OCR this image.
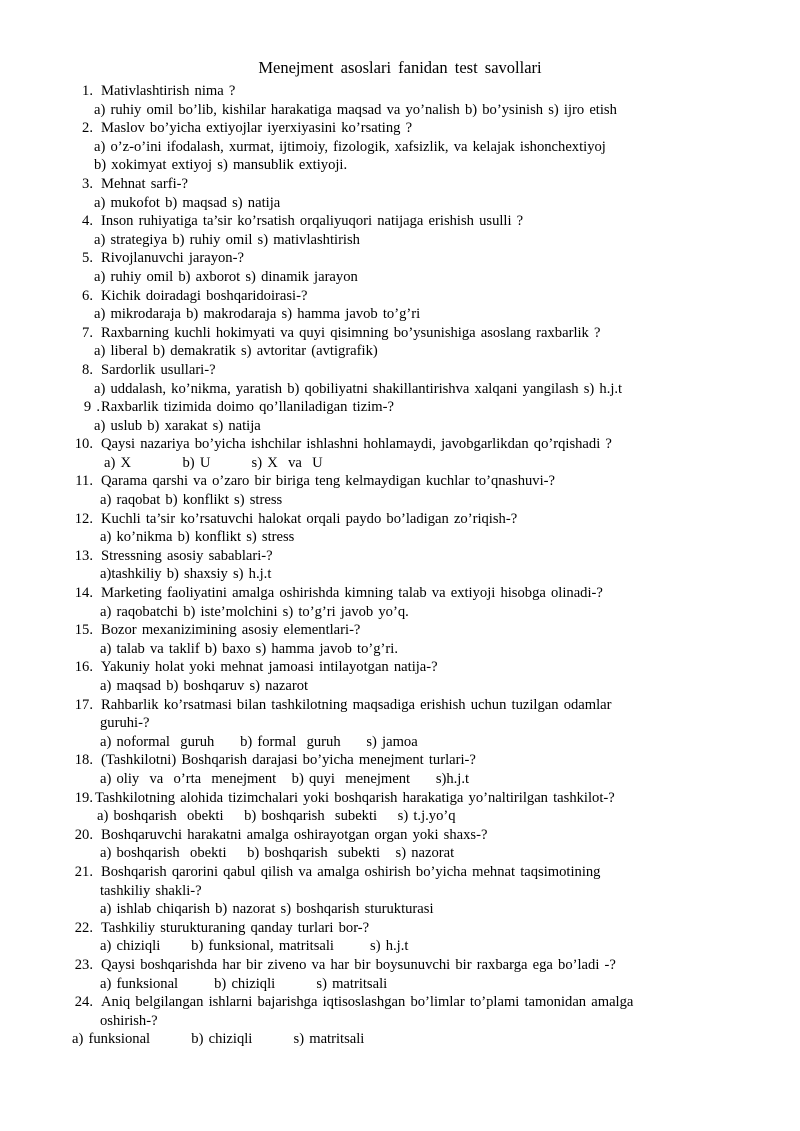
Menejment asoslari fanidan test savollari
1. Mativlashtirish nima ?
a) ruhiy omil bo’lib, kishilar harakatiga maqsad va yo’nalish b) bo’ysinish s) ijro etish
2. Maslov bo’yicha extiyojlar iyerxiyasini ko’rsating ?
a) o’z-o’ini ifodalash, xurmat, ijtimoiy, fizologik, xafsizlik, va kelajak ishonchextiyoj
b) xokimyat extiyoj s) mansublik extiyoji.
3. Mehnat sarfi-?
a) mukofot b) maqsad s) natija
4. Inson ruhiyatiga ta’sir ko’rsatish orqaliyuqori natijaga erishish usulli ?
a) strategiya b) ruhiy omil s) mativlashtirish
5. Rivojlanuvchi jarayon-?
a) ruhiy omil b) axborot s) dinamik jarayon
6. Kichik doiradagi boshqaridoirasi-?
a) mikrodaraja b) makrodaraja s) hamma javob to’g’ri
7. Raxbarning kuchli hokimyati va quyi qisimning bo’ysunishiga asoslang raxbarlik ?
a) liberal b) demakratik s) avtoritar (avtigrafik)
8. Sardorlik usullari-?
a) uddalash, ko’nikma, yaratish b) qobiliyatni shakillantirishva xalqani yangilash s) h.j.t
9 .Raxbarlik tizimida doimo qo’llaniladigan tizim-?
a) uslub b) xarakat s) natija
10. Qaysi nazariya bo’yicha ishchilar ishlashni hohlamaydi, javobgarlikdan qo’rqishadi ?
a) X          b) U        s) X  va  U
11. Qarama qarshi va o’zaro bir biriga teng kelmaydigan kuchlar to’qnashuvi-?
a) raqobat b) konflikt s) stress
12. Kuchli ta’sir ko’rsatuvchi halokat orqali paydo bo’ladigan zo’riqish-?
a) ko’nikma b) konflikt s) stress
13. Stressning asosiy sabablari-?
a)tashkiliy b) shaxsiy s) h.j.t
14. Marketing faoliyatini amalga oshirishda kimning talab va extiyoji hisobga olinadi-?
a) raqobatchi b) iste’molchini s) to’g’ri javob yo’q.
15. Bozor mexanizimining asosiy elementlari-?
a) talab va taklif b) baxo s) hamma javob to’g’ri.
16. Yakuniy holat yoki mehnat jamoasi intilayotgan natija-?
a) maqsad b) boshqaruv s) nazarot
17. Rahbarlik ko’rsatmasi bilan tashkilotning maqsadiga erishish uchun tuzilgan odamlar
guruhi-?
a) noformal  guruh     b) formal  guruh     s) jamoa
18. (Tashkilotni) Boshqarish darajasi bo’yicha menejment turlari-?
a) oliy  va  o’rta  menejment   b) quyi  menejment     s)h.j.t
19. Tashkilotning alohida tizimchalari yoki boshqarish harakatiga yo’naltirilgan tashkilot-?
a) boshqarish  obekti    b) boshqarish  subekti    s) t.j.yo’q
20. Boshqaruvchi harakatni amalga oshirayotgan organ yoki shaxs-?
a) boshqarish  obekti    b) boshqarish  subekti   s) nazorat
21. Boshqarish qarorini qabul qilish va amalga oshirish bo’yicha mehnat taqsimotining
tashkiliy shakli-?
a) ishlab chiqarish b) nazorat s) boshqarish sturukturasi
22. Tashkiliy sturukturaning qanday turlari bor-?
a) chiziqli      b) funksional, matritsali       s) h.j.t
23. Qaysi boshqarishda har bir ziveno va har bir boysunuvchi bir raxbarga ega bo’ladi -?
a) funksional       b) chiziqli        s) matritsali
24. Aniq belgilangan ishlarni bajarishga iqtisoslashgan bo’limlar to’plami tamonidan amalga
oshirish-?
a) funksional        b) chiziqli        s) matritsali
